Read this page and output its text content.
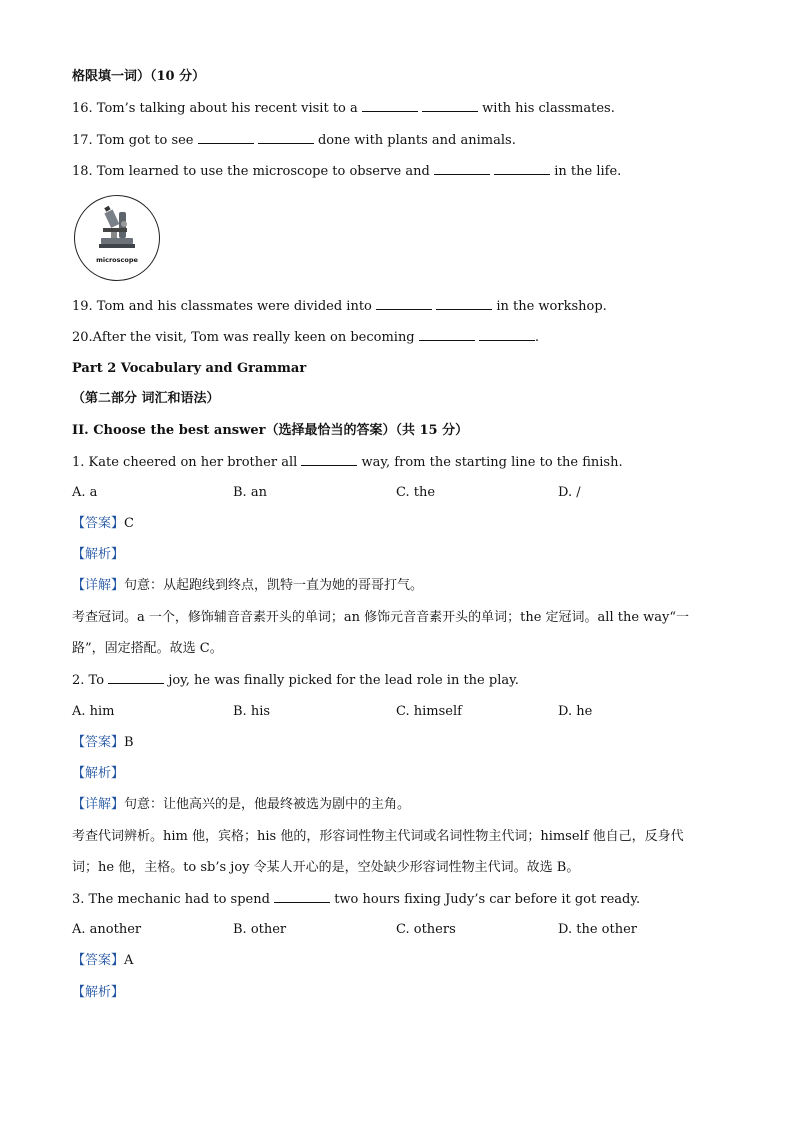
格限填一词）（10 分）
16. Tom’s talking about his recent visit to a	with his classmates.
17. Tom got to see	done with plants and animals.
18. Tom learned to use the microscope to observe and	in the life.
microscope
19. Tom and his classmates were divided into	in the workshop.
20.After the visit, Tom was really keen on becoming	.
Part 2 Vocabulary and Grammar
（第二部分 词汇和语法）
II. Choose the best answer（选择最恰当的答案）（共 15 分）
1. Kate cheered on her brother all	way, from the starting line to the finish.
A. a	B. an	C. the	D. /
【答案】C
【解析】
【详解】句意：从起跑线到终点，凯特一直为她的哥哥打气。
考查冠词。a 一个，修饰辅音音素开头的单词；an 修饰元音音素开头的单词；the 定冠词。all the way“一
路”，固定搭配。故选 C。
2. To	joy, he was finally picked for the lead role in the play.
A. him	B. his	C. himself	D. he
【答案】B
【解析】
【详解】句意：让他高兴的是，他最终被选为剧中的主角。
考查代词辨析。him 他，宾格；his 他的，形容词性物主代词或名词性物主代词；himself 他自己，反身代
词；he 他，主格。to sb’s joy 令某人开心的是，空处缺少形容词性物主代词。故选 B。
3. The mechanic had to spend	two hours fixing Judy’s car before it got ready.
A. another	B. other	C. others	D. the other
【答案】A
【解析】
